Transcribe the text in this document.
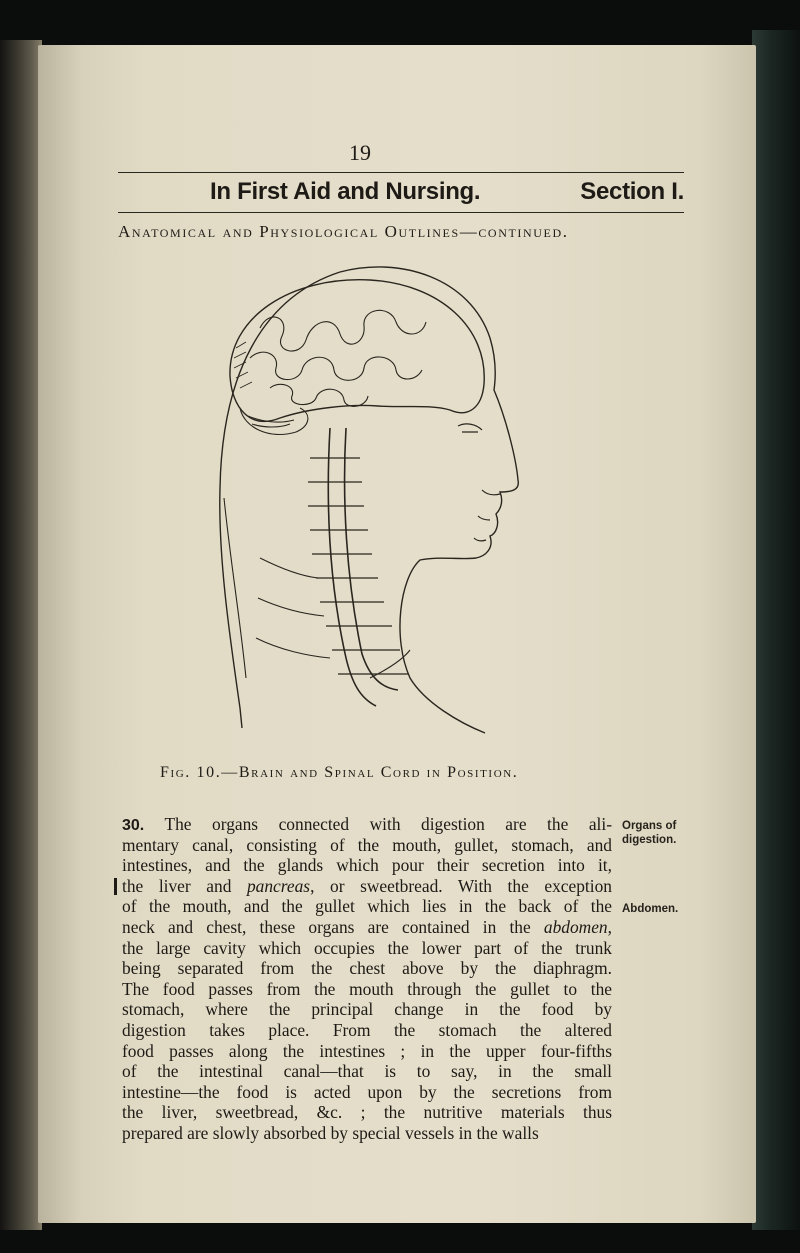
19
In First Aid and Nursing.	Section I.
Anatomical and Physiological Outlines—continued.
Fig. 10.—Brain and Spinal Cord in Position.
30. The organs connected with digestion are the ali-
mentary canal, consisting of the mouth, gullet, stomach, and
intestines, and the glands which pour their secretion into it,
the liver and pancreas, or sweetbread. With the exception
of the mouth, and the gullet which lies in the back of the
neck and chest, these organs are contained in the abdomen,
the large cavity which occupies the lower part of the trunk
being separated from the chest above by the diaphragm.
The food passes from the mouth through the gullet to the
stomach, where the principal change in the food by
digestion takes place. From the stomach the altered
food passes along the intestines ; in the upper four-fifths
of the intestinal canal—that is to say, in the small
intestine—the food is acted upon by the secretions from
the liver, sweetbread, &c. ; the nutritive materials thus
prepared are slowly absorbed by special vessels in the walls
Organs of
digestion.
Abdomen.
